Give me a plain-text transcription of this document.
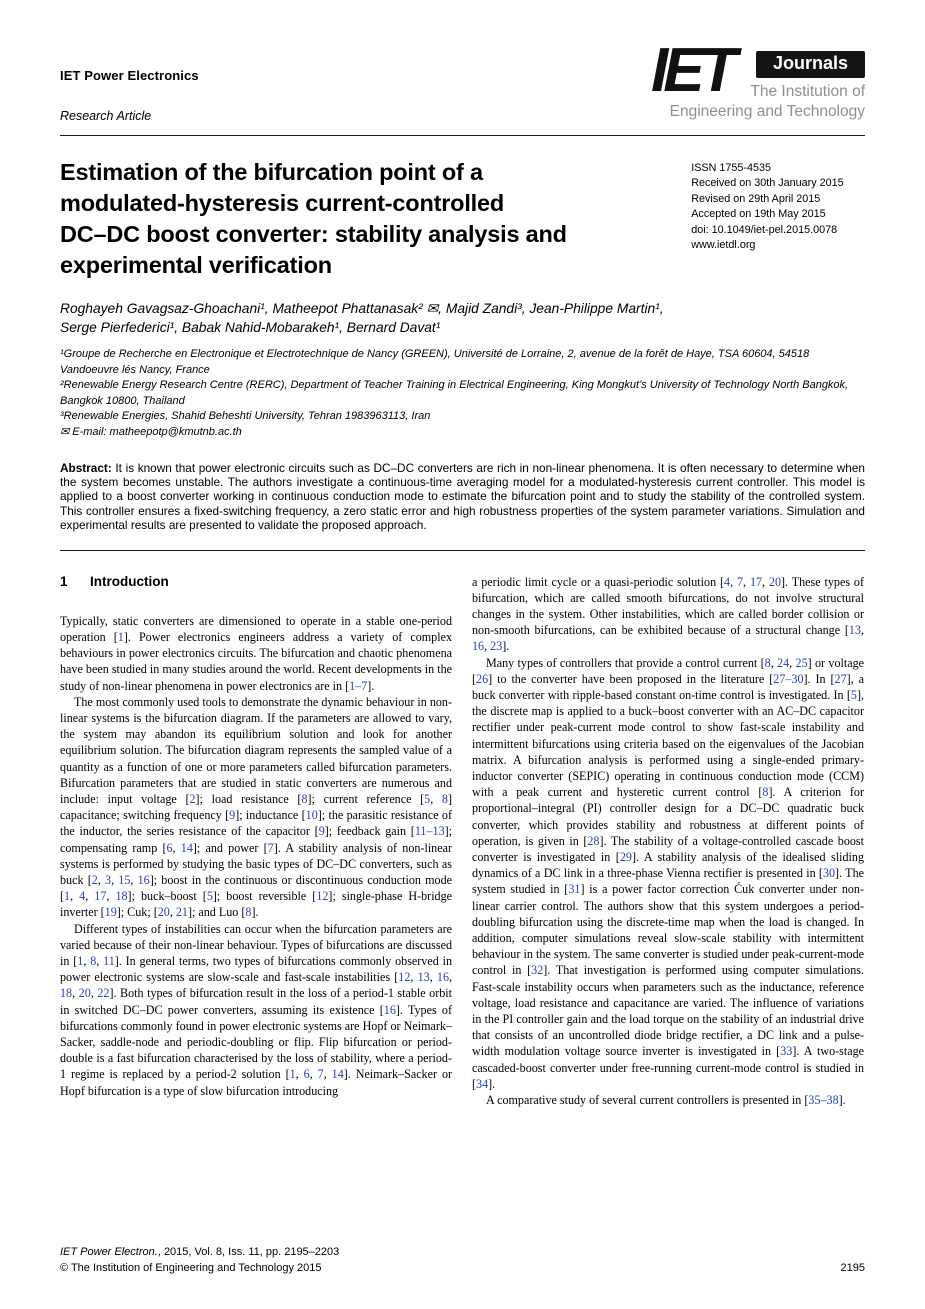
IET Power Electronics
Research Article
IET	Journals
The Institution of
Engineering and Technology
Estimation of the bifurcation point of a
modulated-hysteresis current-controlled
DC–DC boost converter: stability analysis and
experimental verification
ISSN 1755-4535
Received on 30th January 2015
Revised on 29th April 2015
Accepted on 19th May 2015
doi: 10.1049/iet-pel.2015.0078
www.ietdl.org
Roghayeh Gavagsaz-Ghoachani¹, Matheepot Phattanasak² ✉, Majid Zandi³, Jean-Philippe Martin¹,
Serge Pierfederici¹, Babak Nahid-Mobarakeh¹, Bernard Davat¹
¹Groupe de Recherche en Electronique et Electrotechnique de Nancy (GREEN), Université de Lorraine, 2, avenue de la forêt de Haye, TSA 60604, 54518 Vandoeuvre lés Nancy, France
²Renewable Energy Research Centre (RERC), Department of Teacher Training in Electrical Engineering, King Mongkut’s University of Technology North Bangkok, Bangkok 10800, Thailand
³Renewable Energies, Shahid Beheshti University, Tehran 1983963113, Iran
✉ E-mail: matheepotp@kmutnb.ac.th
Abstract: It is known that power electronic circuits such as DC–DC converters are rich in non-linear phenomena. It is often necessary to determine when the system becomes unstable. The authors investigate a continuous-time averaging model for a modulated-hysteresis current controller. This model is applied to a boost converter working in continuous conduction mode to estimate the bifurcation point and to study the stability of the controlled system. This controller ensures a fixed-switching frequency, a zero static error and high robustness properties of the system parameter variations. Simulation and experimental results are presented to validate the proposed approach.
1 Introduction

Typically, static converters are dimensioned to operate in a stable one-period operation [1]. Power electronics engineers address a variety of complex behaviours in power electronics circuits. The bifurcation and chaotic phenomena have been studied in many studies around the world. Recent developments in the study of non-linear phenomena in power electronics are in [1–7].

The most commonly used tools to demonstrate the dynamic behaviour in non-linear systems is the bifurcation diagram. If the parameters are allowed to vary, the system may abandon its equilibrium solution and look for another equilibrium solution. The bifurcation diagram represents the sampled value of a quantity as a function of one or more parameters called bifurcation parameters. Bifurcation parameters that are studied in static converters are numerous and include: input voltage [2]; load resistance [8]; current reference [5, 8] capacitance; switching frequency [9]; inductance [10]; the parasitic resistance of the inductor, the series resistance of the capacitor [9]; feedback gain [11–13]; compensating ramp [6, 14]; and power [7]. A stability analysis of non-linear systems is performed by studying the basic types of DC–DC converters, such as buck [2, 3, 15, 16]; boost in the continuous or discontinuous conduction mode [1, 4, 17, 18]; buck–boost [5]; boost reversible [12]; single-phase H-bridge inverter [19]; Cuk; [20, 21]; and Luo [8].

Different types of instabilities can occur when the bifurcation parameters are varied because of their non-linear behaviour. Types of bifurcations are discussed in [1, 8, 11]. In general terms, two types of bifurcations commonly observed in power electronic systems are slow-scale and fast-scale instabilities [12, 13, 16, 18, 20, 22]. Both types of bifurcation result in the loss of a period-1 stable orbit in switched DC–DC power converters, assuming its existence [16]. Types of bifurcations commonly found in power electronic systems are Hopf or Neimark–Sacker, saddle-node and periodic-doubling or flip. Flip bifurcation or period-double is a fast bifurcation characterised by the loss of stability, where a period-1 regime is replaced by a period-2 solution [1, 6, 7, 14]. Neimark–Sacker or Hopf bifurcation is a type of slow bifurcation introducing

a periodic limit cycle or a quasi-periodic solution [4, 7, 17, 20]. These types of bifurcation, which are called smooth bifurcations, do not involve structural changes in the system. Other instabilities, which are called border collision or non-smooth bifurcations, can be exhibited because of a structural change [13, 16, 23].

Many types of controllers that provide a control current [8, 24, 25] or voltage [26] to the converter have been proposed in the literature [27–30]. In [27], a buck converter with ripple-based constant on-time control is investigated. In [5], the discrete map is applied to a buck–boost converter with an AC–DC capacitor rectifier under peak-current mode control to show fast-scale instability and intermittent bifurcations using criteria based on the eigenvalues of the Jacobian matrix. A bifurcation analysis is performed using a single-ended primary-inductor converter (SEPIC) operating in continuous conduction mode (CCM) with a peak current and hysteretic current control [8]. A criterion for proportional–integral (PI) controller design for a DC–DC quadratic buck converter, which provides stability and robustness at different points of operation, is given in [28]. The stability of a voltage-controlled cascade boost converter is investigated in [29]. A stability analysis of the idealised sliding dynamics of a DC link in a three-phase Vienna rectifier is presented in [30]. The system studied in [31] is a power factor correction Ćuk converter under non-linear carrier control. The authors show that this system undergoes a period-doubling bifurcation using the discrete-time map when the load is changed. In addition, computer simulations reveal slow-scale stability with intermittent behaviour in the system. The same converter is studied under peak-current-mode control in [32]. That investigation is performed using computer simulations. Fast-scale instability occurs when parameters such as the inductance, reference voltage, load resistance and capacitance are varied. The influence of variations in the PI controller gain and the load torque on the stability of an industrial drive that consists of an uncontrolled diode bridge rectifier, a DC link and a pulse-width modulation voltage source inverter is investigated in [33]. A two-stage cascaded-boost converter under free-running current-mode control is studied in [34].

A comparative study of several current controllers is presented in [35–38].

IET Power Electron., 2015, Vol. 8, Iss. 11, pp. 2195–2203
© The Institution of Engineering and Technology 2015	2195
